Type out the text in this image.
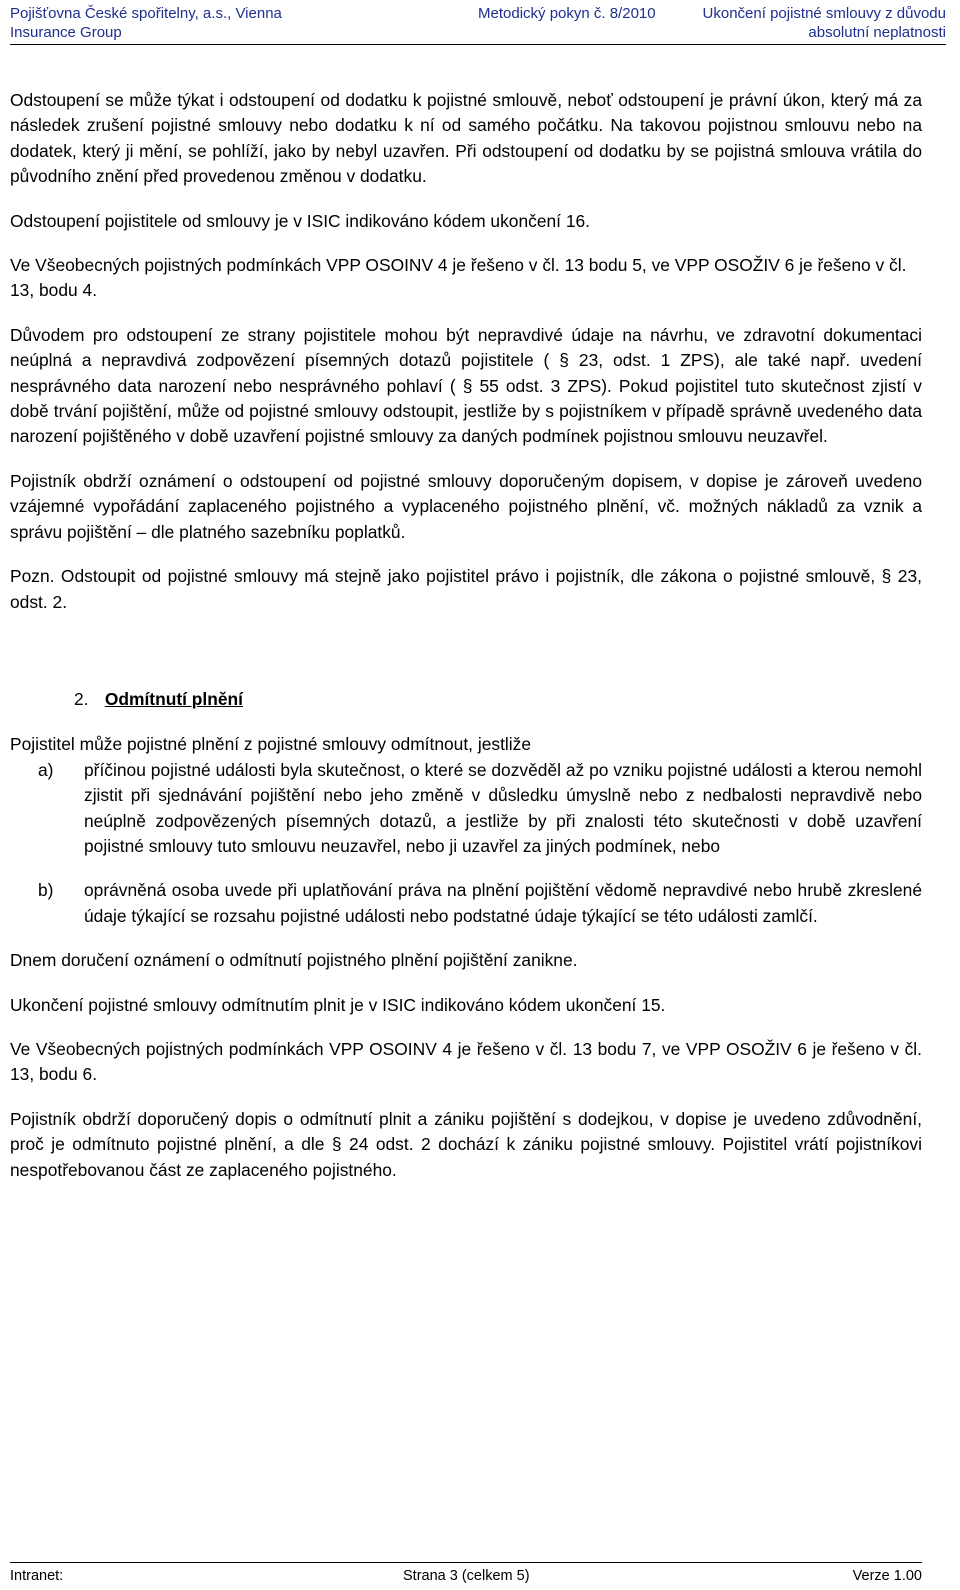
Pojišťovna České spořitelny, a.s., Vienna
Insurance Group
Metodický pokyn č. 8/2010	Ukončení pojistné smlouvy z důvodu
absolutní neplatnosti

Odstoupení se může týkat i odstoupení od dodatku k pojistné smlouvě, neboť odstoupení je právní úkon, který má za následek zrušení pojistné smlouvy nebo dodatku k ní od samého počátku. Na takovou pojistnou smlouvu nebo na dodatek, který ji mění, se pohlíží, jako by nebyl uzavřen. Při odstoupení od dodatku by se pojistná smlouva vrátila do původního znění před provedenou změnou v dodatku.

Odstoupení pojistitele od smlouvy je v ISIC indikováno kódem ukončení 16.

Ve Všeobecných pojistných podmínkách VPP OSOINV 4 je řešeno v čl. 13 bodu 5, ve VPP OSOŽIV 6 je řešeno v čl. 13, bodu 4.

Důvodem pro odstoupení ze strany pojistitele mohou být nepravdivé údaje na návrhu, ve zdravotní dokumentaci neúplná a nepravdivá zodpovězení písemných dotazů pojistitele ( § 23, odst. 1 ZPS), ale také např. uvedení nesprávného data narození nebo nesprávného pohlaví ( § 55 odst. 3 ZPS). Pokud pojistitel tuto skutečnost zjistí v době trvání pojištění, může od pojistné smlouvy odstoupit, jestliže by s pojistníkem v případě správně uvedeného data narození pojištěného v době uzavření pojistné smlouvy za daných podmínek pojistnou smlouvu neuzavřel.

Pojistník obdrží oznámení o odstoupení od pojistné smlouvy doporučeným dopisem, v dopise je zároveň uvedeno vzájemné vypořádání zaplaceného pojistného a vyplaceného pojistného plnění, vč. možných nákladů za vznik a správu pojištění – dle platného sazebníku poplatků.

Pozn. Odstoupit od pojistné smlouvy má stejně jako pojistitel právo i pojistník, dle zákona o pojistné smlouvě, § 23, odst. 2.

2. Odmítnutí plnění

Pojistitel může pojistné plnění z pojistné smlouvy odmítnout, jestliže

a) příčinou pojistné události byla skutečnost, o které se dozvěděl až po vzniku pojistné události a kterou nemohl zjistit při sjednávání pojištění nebo jeho změně v důsledku úmyslně nebo z nedbalosti nepravdivě nebo neúplně zodpovězených písemných dotazů, a jestliže by při znalosti této skutečnosti v době uzavření pojistné smlouvy tuto smlouvu neuzavřel, nebo ji uzavřel za jiných podmínek, nebo
b) oprávněná osoba uvede při uplatňování práva na plnění pojištění vědomě nepravdivé nebo hrubě zkreslené údaje týkající se rozsahu pojistné události nebo podstatné údaje týkající se této události zamlčí.

Dnem doručení oznámení o odmítnutí pojistného plnění pojištění zanikne.

Ukončení pojistné smlouvy odmítnutím plnit je v ISIC indikováno kódem ukončení 15.

Ve Všeobecných pojistných podmínkách VPP OSOINV 4 je řešeno v čl. 13 bodu 7, ve VPP OSOŽIV 6 je řešeno v čl. 13, bodu 6.

Pojistník obdrží doporučený dopis o odmítnutí plnit a zániku pojištění s dodejkou, v dopise je uvedeno zdůvodnění, proč je odmítnuto pojistné plnění, a dle § 24 odst. 2 dochází k zániku pojistné smlouvy. Pojistitel vrátí pojistníkovi nespotřebovanou část ze zaplaceného pojistného.

Intranet:	Strana 3 (celkem 5)	Verze 1.00
